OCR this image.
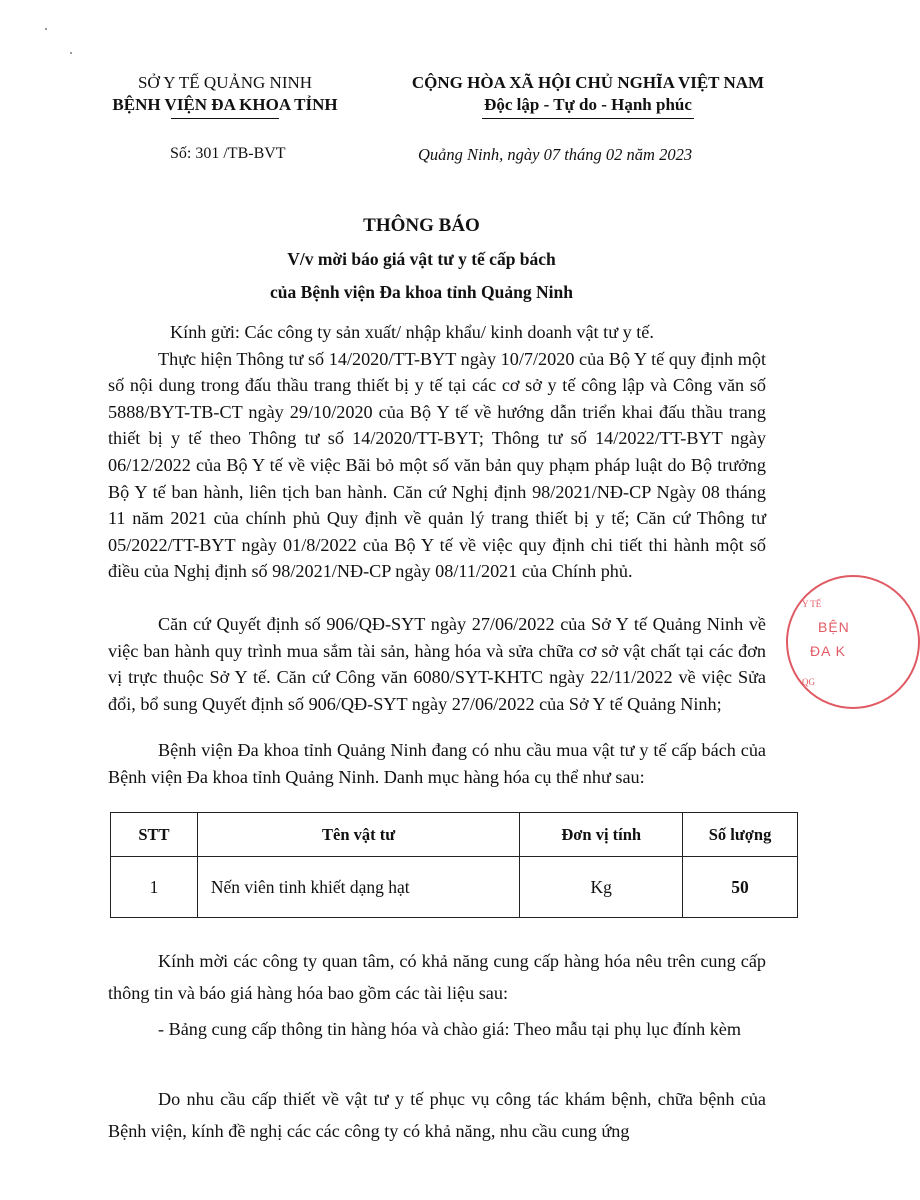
SỞ Y TẾ QUẢNG NINH
BỆNH VIỆN ĐA KHOA TỈNH
CỘNG HÒA XÃ HỘI CHỦ NGHĨA VIỆT NAM
Độc lập - Tự do - Hạnh phúc
Số: 301 /TB-BVT	Quảng Ninh, ngày 07 tháng 02 năm 2023
THÔNG BÁO
V/v mời báo giá vật tư y tế cấp bách
của Bệnh viện Đa khoa tỉnh Quảng Ninh

Kính gửi: Các công ty sản xuất/ nhập khẩu/ kinh doanh vật tư y tế.

Thực hiện Thông tư số 14/2020/TT-BYT ngày 10/7/2020 của Bộ Y tế quy định một số nội dung trong đấu thầu trang thiết bị y tế tại các cơ sở y tế công lập và Công văn số 5888/BYT-TB-CT ngày 29/10/2020 của Bộ Y tế về hướng dẫn triển khai đấu thầu trang thiết bị y tế theo Thông tư số 14/2020/TT-BYT; Thông tư số 14/2022/TT-BYT ngày 06/12/2022 của Bộ Y tế về việc Bãi bỏ một số văn bản quy phạm pháp luật do Bộ trưởng Bộ Y tế ban hành, liên tịch ban hành. Căn cứ Nghị định 98/2021/NĐ-CP Ngày 08 tháng 11 năm 2021 của chính phủ Quy định về quản lý trang thiết bị y tế; Căn cứ Thông tư 05/2022/TT-BYT ngày 01/8/2022 của Bộ Y tế về việc quy định chi tiết thi hành một số điều của Nghị định số 98/2021/NĐ-CP ngày 08/11/2021 của Chính phủ.

Căn cứ Quyết định số 906/QĐ-SYT ngày 27/06/2022 của Sở Y tế Quảng Ninh về việc ban hành quy trình mua sắm tài sản, hàng hóa và sửa chữa cơ sở vật chất tại các đơn vị trực thuộc Sở Y tế. Căn cứ Công văn 6080/SYT-KHTC ngày 22/11/2022 về việc Sửa đổi, bổ sung Quyết định số 906/QĐ-SYT ngày 27/06/2022 của Sở Y tế Quảng Ninh;

Bệnh viện Đa khoa tỉnh Quảng Ninh đang có nhu cầu mua vật tư y tế cấp bách của Bệnh viện Đa khoa tỉnh Quảng Ninh. Danh mục hàng hóa cụ thể như sau:

STT	Tên vật tư	Đơn vị tính	Số lượng
1	Nến viên tinh khiết dạng hạt	Kg	50

Kính mời các công ty quan tâm, có khả năng cung cấp hàng hóa nêu trên cung cấp thông tin và báo giá hàng hóa bao gồm các tài liệu sau:

- Bảng cung cấp thông tin hàng hóa và chào giá: Theo mẫu tại phụ lục đính kèm

Do nhu cầu cấp thiết về vật tư y tế phục vụ công tác khám bệnh, chữa bệnh của Bệnh viện, kính đề nghị các các công ty có khả năng, nhu cầu cung ứng

Y TẾ
BỆN
ĐA K
QG
